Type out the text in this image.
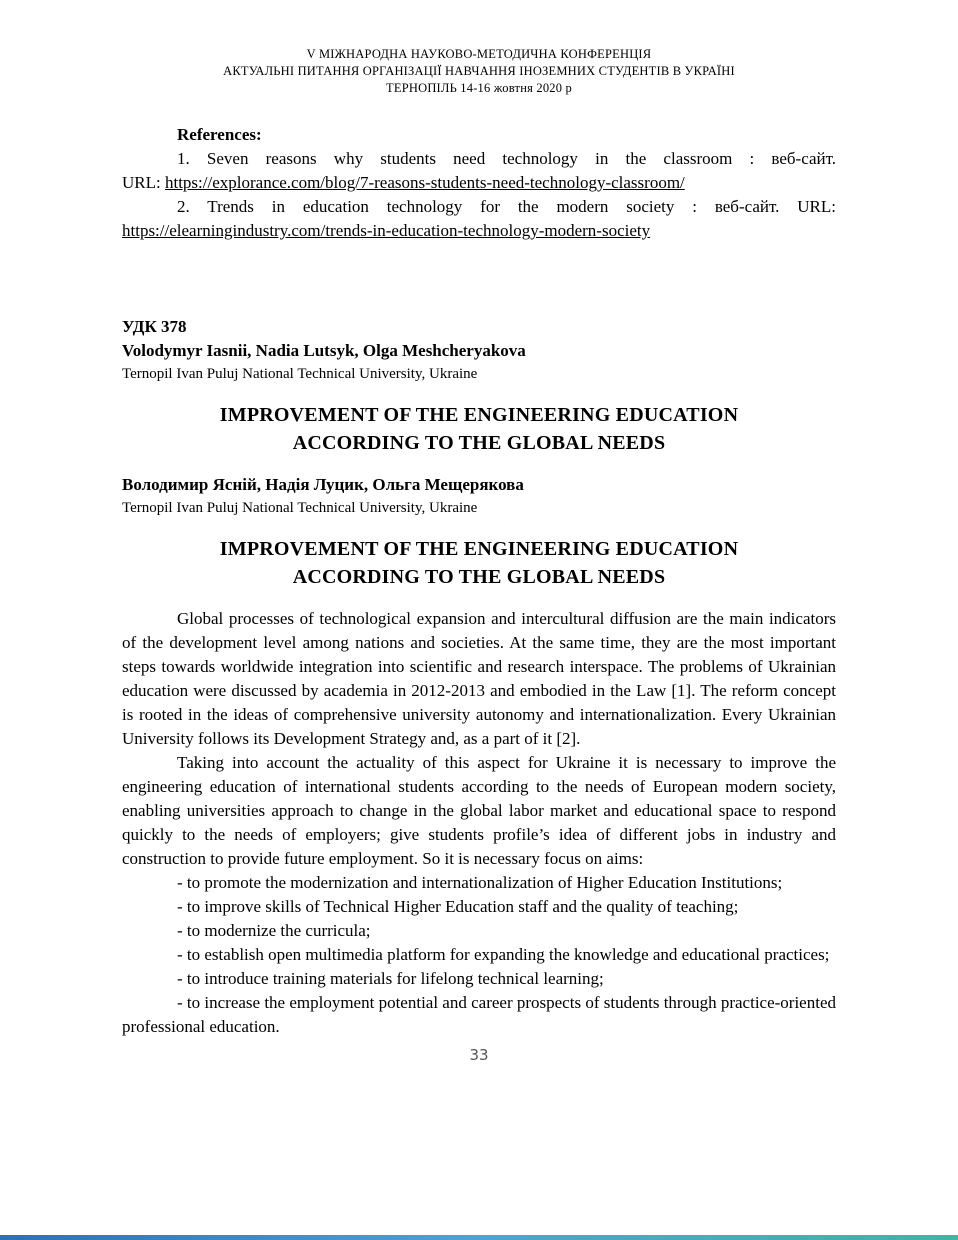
V МІЖНАРОДНА НАУКОВО-МЕТОДИЧНА КОНФЕРЕНЦІЯ
АКТУАЛЬНІ ПИТАННЯ ОРГАНІЗАЦІЇ НАВЧАННЯ ІНОЗЕМНИХ СТУДЕНТІВ В УКРАЇНІ
ТЕРНОПІЛЬ 14-16 жовтня 2020 р

References:

1. Seven reasons why students need technology in the classroom : веб-сайт.

URL: https://explorance.com/blog/7-reasons-students-need-technology-classroom/

2. Trends in education technology for the modern society : веб-сайт. URL:

https://elearningindustry.com/trends-in-education-technology-modern-society

УДК 378

Volodymyr Iasnii, Nadia Lutsyk, Olga Meshcheryakova

Ternopil Ivan Puluj National Technical University, Ukraine

IMPROVEMENT OF THE ENGINEERING EDUCATION
ACCORDING TO THE GLOBAL NEEDS

Володимир Ясній, Надія Луцик, Ольга Мещерякова

Ternopil Ivan Puluj National Technical University, Ukraine

IMPROVEMENT OF THE ENGINEERING EDUCATION
ACCORDING TO THE GLOBAL NEEDS

Global processes of technological expansion and intercultural diffusion are the main indicators of the development level among nations and societies. At the same time, they are the most important steps towards worldwide integration into scientific and research interspace. The problems of Ukrainian education were discussed by academia in 2012-2013 and embodied in the Law [1]. The reform concept is rooted in the ideas of comprehensive university autonomy and internationalization. Every Ukrainian University follows its Development Strategy and, as a part of it [2].

Taking into account the actuality of this aspect for Ukraine it is necessary to improve the engineering education of international students according to the needs of European modern society, enabling universities approach to change in the global labor market and educational space to respond quickly to the needs of employers; give students profile’s idea of different jobs in industry and construction to provide future employment. So it is necessary focus on aims:

- to promote the modernization and internationalization of Higher Education Institutions;

- to improve skills of Technical Higher Education staff and the quality of teaching;

- to modernize the curricula;

- to establish open multimedia platform for expanding the knowledge and educational practices;

- to introduce training materials for lifelong technical learning;

- to increase the employment potential and career prospects of students through practice-oriented professional education.

33
